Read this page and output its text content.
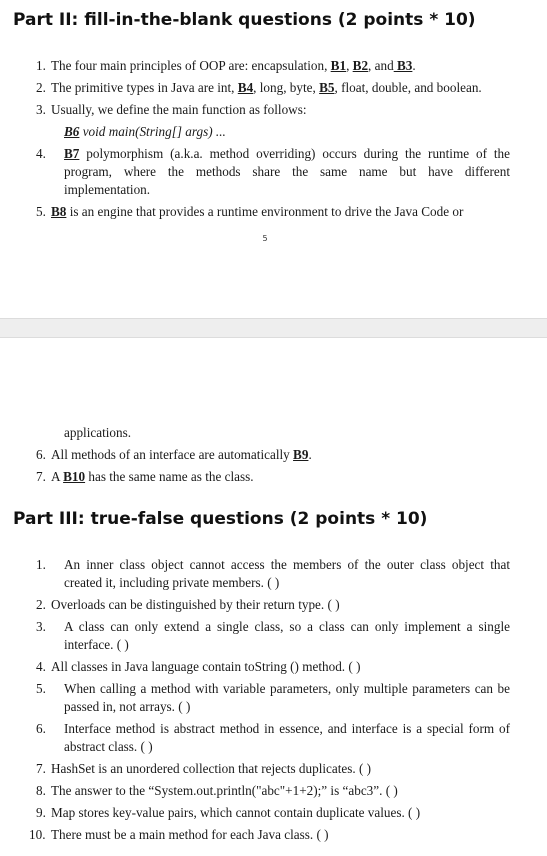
Part II: fill-in-the-blank questions (2 points * 10)
1. The four main principles of OOP are: encapsulation, B1, B2, and B3.
2. The primitive types in Java are int, B4, long, byte, B5, float, double, and boolean.
3. Usually, we define the main function as follows:
B6 void main(String[] args) ...
4. B7 polymorphism (a.k.a. method overriding) occurs during the runtime of the program, where the methods share the same name but have different implementation.
5. B8 is an engine that provides a runtime environment to drive the Java Code or
5
applications.
6. All methods of an interface are automatically B9.
7. A B10 has the same name as the class.
Part III: true-false questions (2 points * 10)
1. An inner class object cannot access the members of the outer class object that created it, including private members. ( )
2. Overloads can be distinguished by their return type. ( )
3. A class can only extend a single class, so a class can only implement a single interface. ( )
4. All classes in Java language contain toString () method. ( )
5. When calling a method with variable parameters, only multiple parameters can be passed in, not arrays. ( )
6. Interface method is abstract method in essence, and interface is a special form of abstract class. ( )
7. HashSet is an unordered collection that rejects duplicates. ( )
8. The answer to the “System.out.println("abc"+1+2);” is “abc3”. ( )
9. Map stores key-value pairs, which cannot contain duplicate values. ( )
10. There must be a main method for each Java class. ( )
